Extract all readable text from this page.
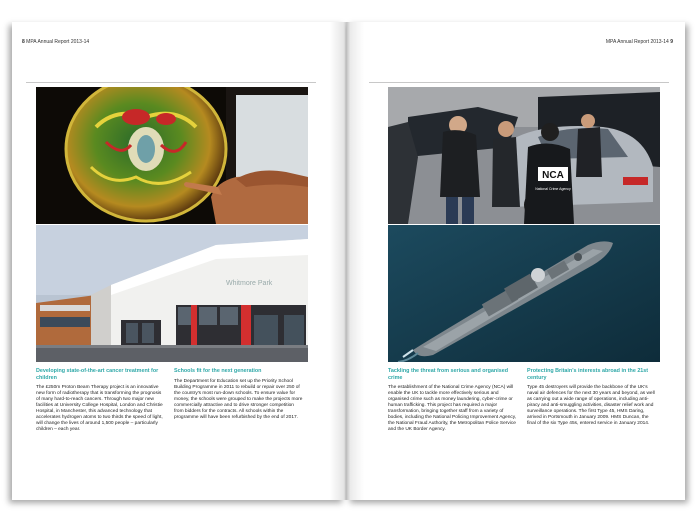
8 MPA Annual Report 2013-14
Whitmore Park
Developing state-of-the-art cancer treatment for children

The £250m Proton Beam Therapy project is an innovative new form of radiotherapy that is transforming the prognosis of many hard-to-reach cancers. Through two major new facilities at University College Hospital, London and Christie Hospital, in Manchester, this advanced technology that accelerates hydrogen atoms to two thirds the speed of light, will change the lives of around 1,500 people – particularly children – each year.

Schools fit for the next generation

The Department for Education set up the Priority School Building Programme in 2011 to rebuild or repair over 250 of the country's most run-down schools. To ensure value for money, the schools were grouped to make the projects more commercially attractive and to drive stronger competition from bidders for the contracts. All schools within the programme will have been refurbished by the end of 2017.

MPA Annual Report 2013-14 9
NCA
National Crime Agency
Tackling the threat from serious and organised crime

The establishment of the National Crime Agency (NCA) will enable the UK to tackle more effectively serious and organised crime such as money laundering, cyber-crime or human trafficking. This project has required a major transformation, bringing together staff from a variety of bodies, including the National Policing Improvement Agency, the National Fraud Authority, the Metropolitan Police Service and the UK Border Agency.

Protecting Britain's interests abroad in the 21st century

Type 45 destroyers will provide the backbone of the UK's naval air defences for the next 30 years and beyond, as well as carrying out a wide range of operations, including anti-piracy and anti-smuggling activities, disaster relief work and surveillance operations. The first Type 45, HMS Daring, arrived in Portsmouth in January 2009. HMS Duncan, the final of the six Type 45s, entered service in January 2014.
